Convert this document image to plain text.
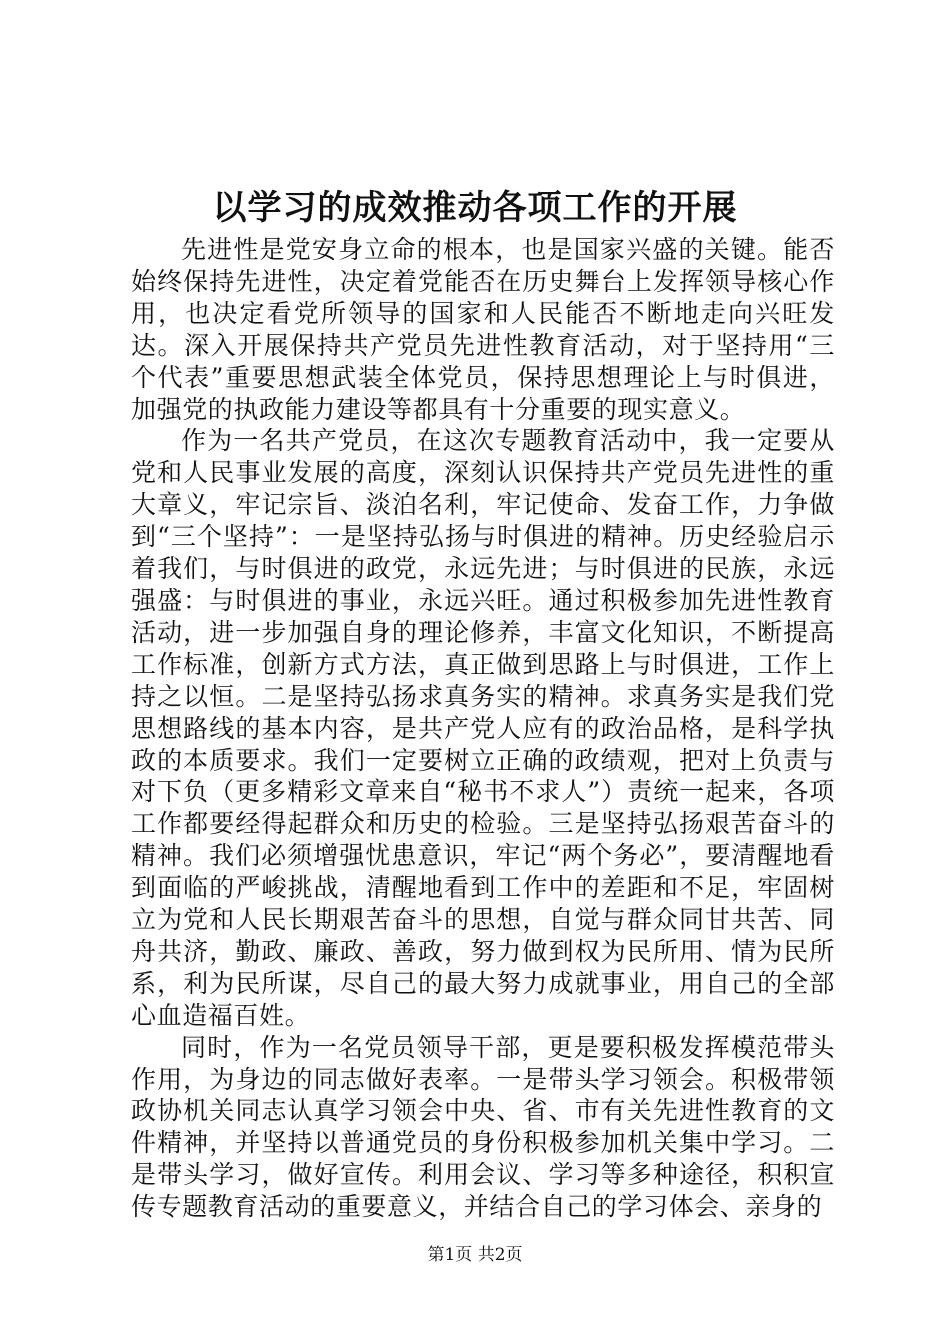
以学习的成效推动各项工作的开展

先进性是党安身立命的根本，也是国家兴盛的关键。能否始终保持先进性，决定着党能否在历史舞台上发挥领导核心作用，也决定看党所领导的国家和人民能否不断地走向兴旺发达。深入开展保持共产党员先进性教育活动，对于坚持用“三个代表”重要思想武装全体党员，保持思想理论上与时俱进，加强党的执政能力建设等都具有十分重要的现实意义。

作为一名共产党员，在这次专题教育活动中，我一定要从党和人民事业发展的高度，深刻认识保持共产党员先进性的重大章义，牢记宗旨、淡泊名利，牢记使命、发奋工作，力争做到“三个坚持”：一是坚持弘扬与时俱进的精神。历史经验启示着我们，与时俱进的政党，永远先进；与时俱进的民族，永远强盛：与时俱进的事业，永远兴旺。通过积极参加先进性教育活动，进一步加强自身的理论修养，丰富文化知识，不断提高工作标准，创新方式方法，真正做到思路上与时俱进，工作上持之以恒。二是坚持弘扬求真务实的精神。求真务实是我们党思想路线的基本内容，是共产党人应有的政治品格，是科学执政的本质要求。我们一定要树立正确的政绩观，把对上负责与对下负（更多精彩文章来自“秘书不求人”）责统一起来，各项工作都要经得起群众和历史的检验。三是坚持弘扬艰苦奋斗的精神。我们必须增强忧患意识，牢记“两个务必”，要清醒地看到面临的严峻挑战，清醒地看到工作中的差距和不足，牢固树立为党和人民长期艰苦奋斗的思想，自觉与群众同甘共苦、同舟共济，勤政、廉政、善政，努力做到权为民所用、情为民所系，利为民所谋，尽自己的最大努力成就事业，用自己的全部心血造福百姓。

同时，作为一名党员领导干部，更是要积极发挥模范带头作用，为身边的同志做好表率。一是带头学习领会。积极带领政协机关同志认真学习领会中央、省、市有关先进性教育的文件精神，并坚持以普通党员的身份积极参加机关集中学习。二是带头学习，做好宣传。利用会议、学习等多种途径，积积宣传专题教育活动的重要意义，并结合自己的学习体会、亲身的

第1页 共2页
